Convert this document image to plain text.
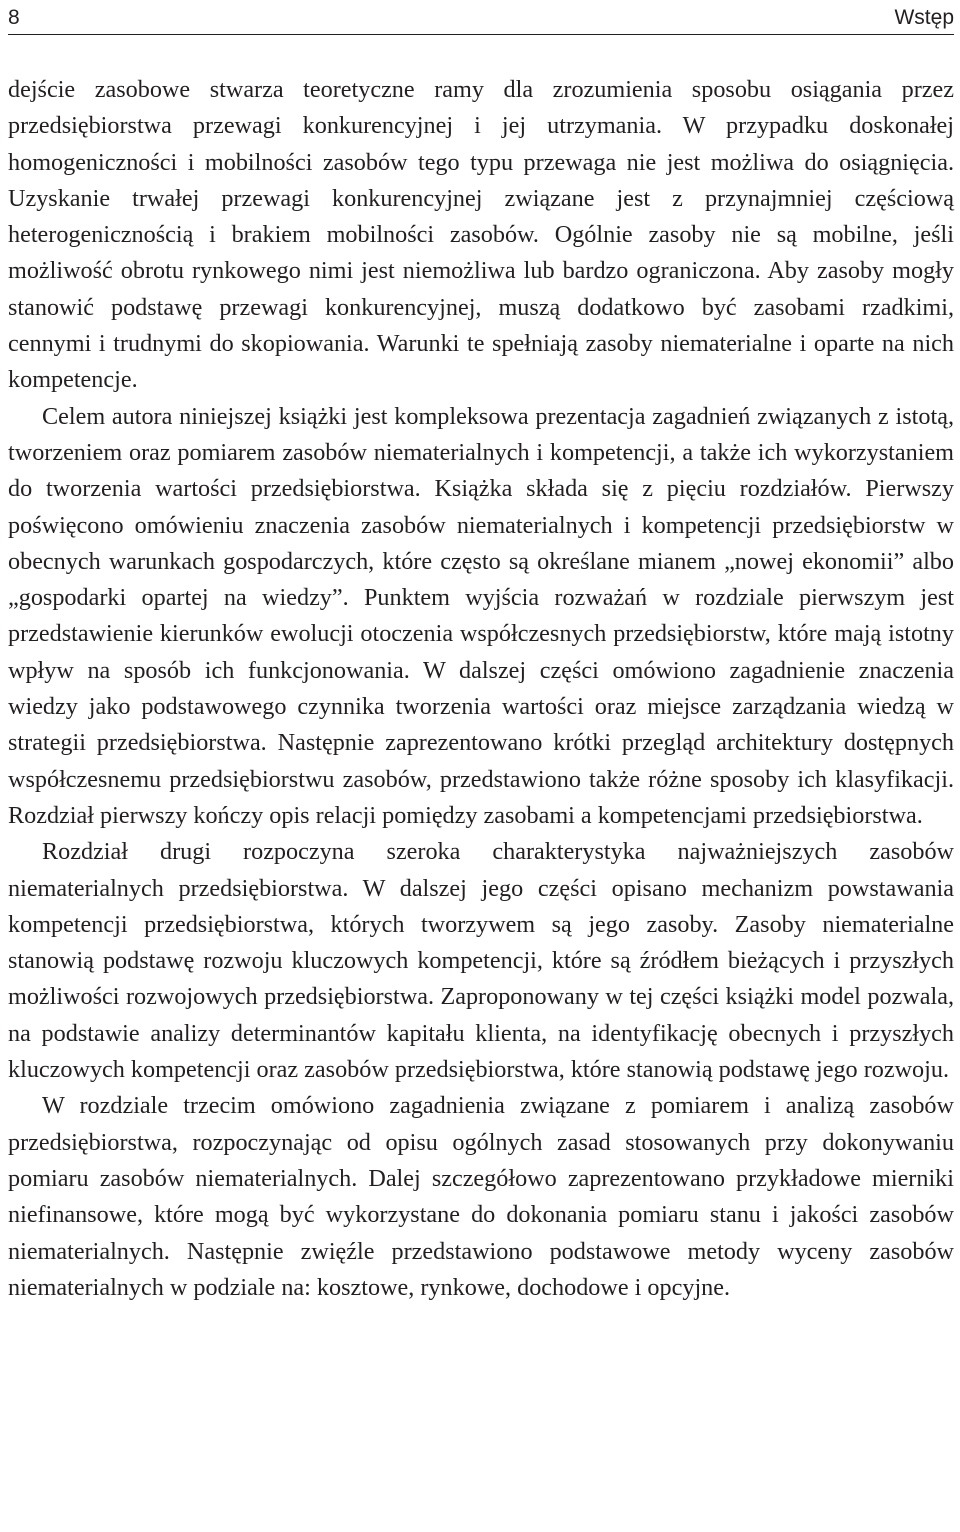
8	Wstęp

dejście zasobowe stwarza teoretyczne ramy dla zrozumienia sposobu osiągania przez przedsiębiorstwa przewagi konkurencyjnej i jej utrzymania. W przypadku doskonałej homogeniczności i mobilności zasobów tego typu przewaga nie jest możliwa do osiągnięcia. Uzyskanie trwałej przewagi konkurencyjnej związane jest z przynajmniej częściową heterogenicznością i brakiem mobilności zasobów. Ogólnie zasoby nie są mobilne, jeśli możliwość obrotu rynkowego nimi jest niemożliwa lub bardzo ograniczona. Aby zasoby mogły stanowić podstawę przewagi konkurencyjnej, muszą dodatkowo być zasobami rzadkimi, cennymi i trudnymi do skopiowania. Warunki te spełniają zasoby niematerialne i oparte na nich kompetencje.

Celem autora niniejszej książki jest kompleksowa prezentacja zagadnień związanych z istotą, tworzeniem oraz pomiarem zasobów niematerialnych i kompetencji, a także ich wykorzystaniem do tworzenia wartości przedsiębiorstwa. Książka składa się z pięciu rozdziałów. Pierwszy poświęcono omówieniu znaczenia zasobów niematerialnych i kompetencji przedsiębiorstw w obecnych warunkach gospodarczych, które często są określane mianem „nowej ekonomii” albo „gospodarki opartej na wiedzy”. Punktem wyjścia rozważań w rozdziale pierwszym jest przedstawienie kierunków ewolucji otoczenia współczesnych przedsiębiorstw, które mają istotny wpływ na sposób ich funkcjonowania. W dalszej części omówiono zagadnienie znaczenia wiedzy jako podstawowego czynnika tworzenia wartości oraz miejsce zarządzania wiedzą w strategii przedsiębiorstwa. Następnie zaprezentowano krótki przegląd architektury dostępnych współczesnemu przedsiębiorstwu zasobów, przedstawiono także różne sposoby ich klasyfikacji. Rozdział pierwszy kończy opis relacji pomiędzy zasobami a kompetencjami przedsiębiorstwa.

Rozdział drugi rozpoczyna szeroka charakterystyka najważniejszych zasobów niematerialnych przedsiębiorstwa. W dalszej jego części opisano mechanizm powstawania kompetencji przedsiębiorstwa, których tworzywem są jego zasoby. Zasoby niematerialne stanowią podstawę rozwoju kluczowych kompetencji, które są źródłem bieżących i przyszłych możliwości rozwojowych przedsiębiorstwa. Zaproponowany w tej części książki model pozwala, na podstawie analizy determinantów kapitału klienta, na identyfikację obecnych i przyszłych kluczowych kompetencji oraz zasobów przedsiębiorstwa, które stanowią podstawę jego rozwoju.

W rozdziale trzecim omówiono zagadnienia związane z pomiarem i analizą zasobów przedsiębiorstwa, rozpoczynając od opisu ogólnych zasad stosowanych przy dokonywaniu pomiaru zasobów niematerialnych. Dalej szczegółowo zaprezentowano przykładowe mierniki niefinansowe, które mogą być wykorzystane do dokonania pomiaru stanu i jakości zasobów niematerialnych. Następnie zwięźle przedstawiono podstawowe metody wyceny zasobów niematerialnych w podziale na: kosztowe, rynkowe, dochodowe i opcyjne.
